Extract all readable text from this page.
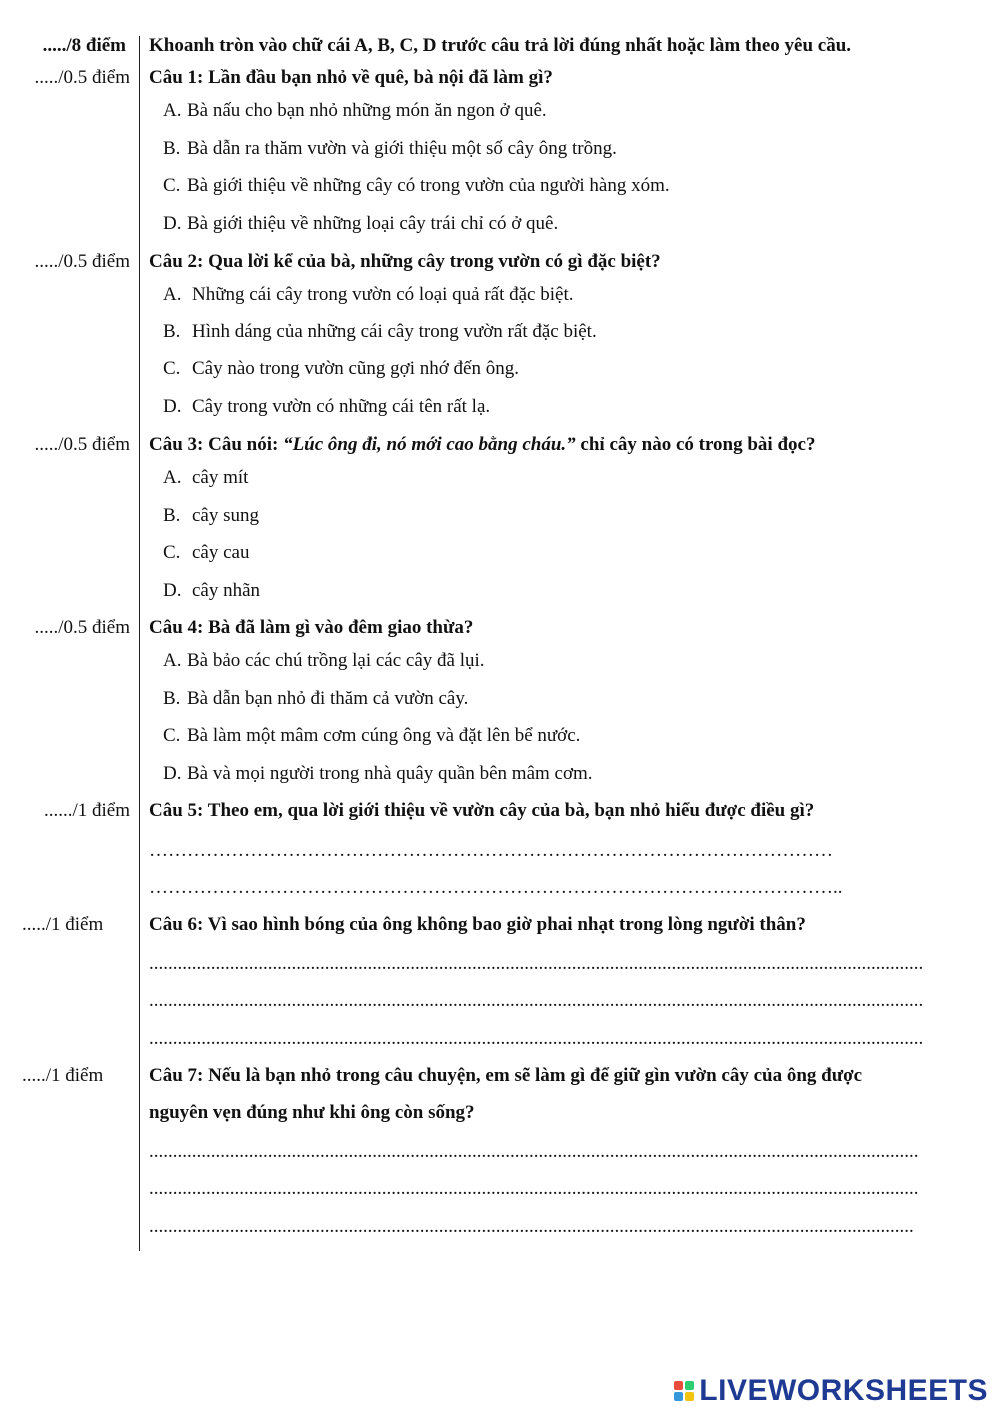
...../8 điểm Khoanh tròn vào chữ cái A, B, C, D trước câu trả lời đúng nhất hoặc làm theo yêu cầu.
...../0.5 điểm Câu 1: Lần đầu bạn nhỏ về quê, bà nội đã làm gì?
A. Bà nấu cho bạn nhỏ những món ăn ngon ở quê.
B. Bà dẫn ra thăm vườn và giới thiệu một số cây ông trồng.
C. Bà giới thiệu về những cây có trong vườn của người hàng xóm.
D. Bà giới thiệu về những loại cây trái chỉ có ở quê.
...../0.5 điểm Câu 2: Qua lời kể của bà, những cây trong vườn có gì đặc biệt?
A. Những cái cây trong vườn có loại quả rất đặc biệt.
B. Hình dáng của những cái cây trong vườn rất đặc biệt.
C. Cây nào trong vườn cũng gợi nhớ đến ông.
D. Cây trong vườn có những cái tên rất lạ.
...../0.5 điểm Câu 3: Câu nói: “Lúc ông đi, nó mới cao bằng cháu.” chỉ cây nào có trong bài đọc?
A. cây mít
B. cây sung
C. cây cau
D. cây nhãn
...../0.5 điểm Câu 4: Bà đã làm gì vào đêm giao thừa?
A. Bà bảo các chú trồng lại các cây đã lụi.
B. Bà dẫn bạn nhỏ đi thăm cả vườn cây.
C. Bà làm một mâm cơm cúng ông và đặt lên bể nước.
D. Bà và mọi người trong nhà quây quần bên mâm cơm.
....../1 điểm Câu 5: Theo em, qua lời giới thiệu về vườn cây của bà, bạn nhỏ hiểu được điều gì?
………………………………………………………………………………………………
………………………………………………………………………………………………..
...../1 điểm	Câu 6: Vì sao hình bóng của ông không bao giờ phai nhạt trong lòng người thân?
...................................................................................................................................................................
...................................................................................................................................................................
...................................................................................................................................................................
...../1 điểm	Câu 7: Nếu là bạn nhỏ trong câu chuyện, em sẽ làm gì để giữ gìn vườn cây của ông được
nguyên vẹn đúng như khi ông còn sống?
..................................................................................................................................................................
..................................................................................................................................................................
.................................................................................................................................................................
LIVEWORKSHEETS
